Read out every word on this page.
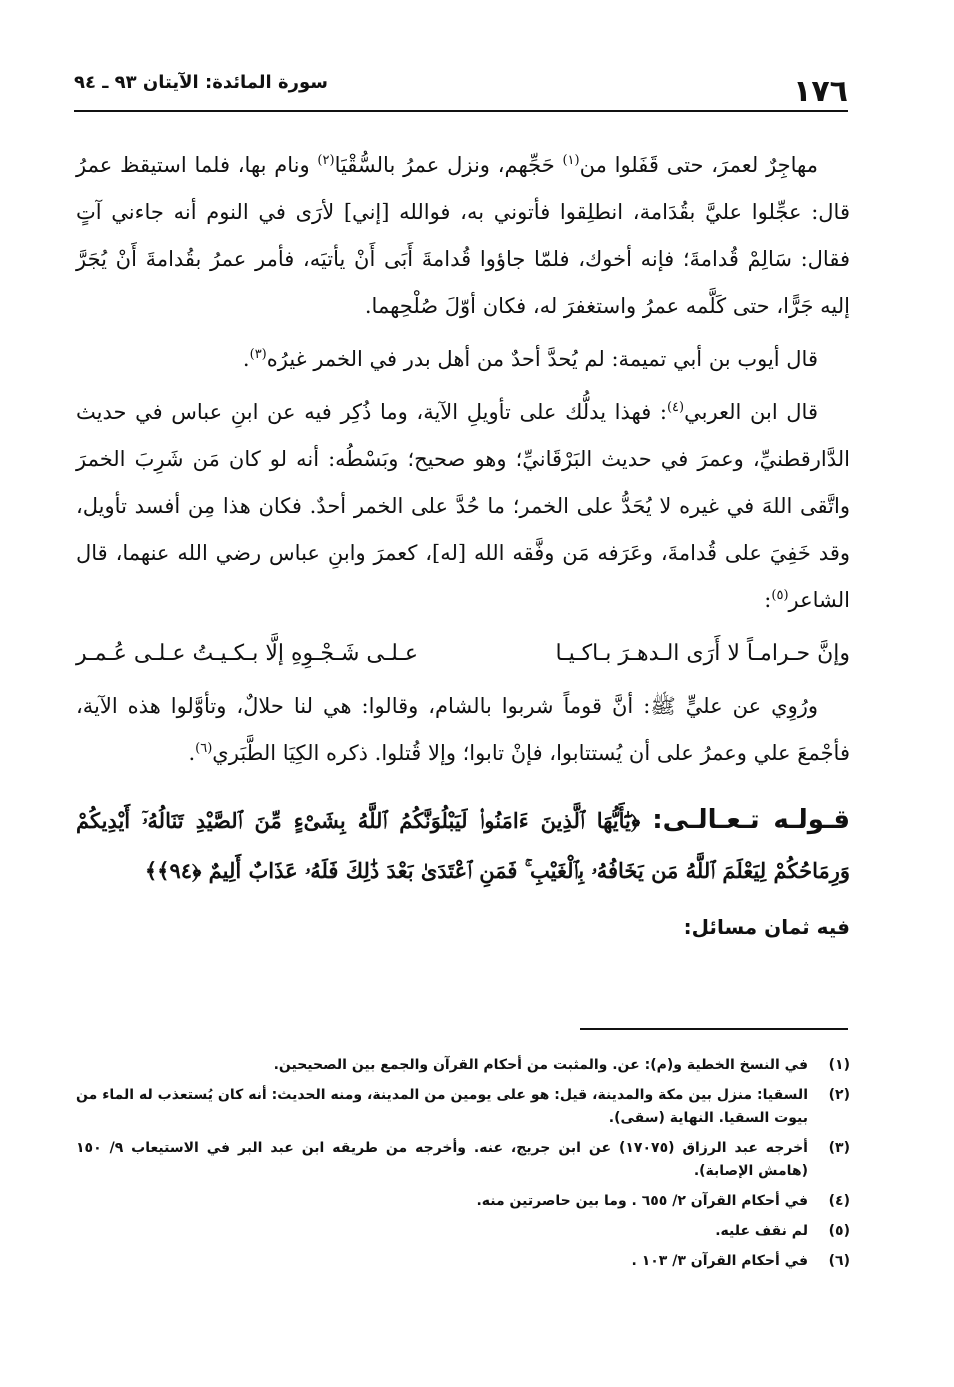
١٧٦
سورة المائدة: الآيتان ٩٣ ـ ٩٤

مهاجِرٌ لعمرَ، حتى قَفَلوا من$^{(١)}$ حَجِّهم، ونزل عمرُ بالسُّقْيَا$^{(٢)}$ ونام بها، فلما استيقظ عمرُ قال: عجِّلوا عليَّ بقُدَامة، انطلِقوا فأتوني به، فوالله [إني] لأرَى في النوم أنه جاءني آتٍ فقال: سَالِمْ قُدامةَ؛ فإنه أخوك، فلمّا جاؤوا قُدامةَ أَبَى أَنْ يأتيَه، فأمر عمرُ بقُدامةَ أَنْ يُجَرَّ إليه جَرًّا، حتى كَلَّمه عمرُ واستغفرَ له، فكان أوّلَ صُلْحِهما.

قال أيوب بن أبي تميمة: لم يُحدَّ أحدٌ من أهل بدر في الخمر غيرُه$^{(٣)}$.

قال ابن العربي$^{(٤)}$: فهذا يدلُّك على تأويلِ الآية، وما ذُكِر فيه عن ابنِ عباس في حديث الدَّارقطنيِّ، وعمرَ في حديث البَرْقَانيِّ؛ وهو صحيح؛ وبَسْطُه: أنه لو كان مَن شَرِبَ الخمرَ واتَّقى اللهَ في غيره لا يُحَدُّ على الخمر؛ ما حُدَّ على الخمر أحدٌ. فكان هذا مِن أفسد تأويل، وقد خَفِيَ على قُدامةَ، وعَرَفه مَن وفَّقه الله [له]، كعمرَ وابنِ عباس رضي الله عنهما، قال الشاعر$^{(٥)}$:

وإنَّ حـرامـاً لا أَرَى الـدهـرَ بـاكـيـا
عـلـى شَـجْـوِهِ إلَّا بـكـيـتُ عـلـى عُـمـر

ورُوِي عن عليٍّ ﷺ: أنَّ قوماً شربوا بالشام، وقالوا: هي لنا حلالٌ، وتأوَّلوا هذه الآية، فأجْمعَ علي وعمرُ على أن يُستتابوا، فإنْ تابوا؛ وإلا قُتلوا. ذكره الكِيَا الطَّبَري$^{(٦)}$.

قـولـه تـعـالـى: ﴿يَٰٓأَيُّهَا ٱلَّذِينَ ءَامَنُوا۟ لَيَبْلُوَنَّكُمُ ٱللَّهُ بِشَىْءٍ مِّنَ ٱلصَّيْدِ تَنَالُهُۥٓ أَيْدِيكُمْ وَرِمَاحُكُمْ لِيَعْلَمَ ٱللَّهُ مَن يَخَافُهُۥ بِٱلْغَيْبِ ۚ فَمَنِ ٱعْتَدَىٰ بَعْدَ ذَٰلِكَ فَلَهُۥ عَذَابٌ أَلِيمٌ ﴿٩٤﴾﴾
فيه ثمان مسائل:
(١)
في النسخ الخطية و(م): عن. والمثبت من أحكام القرآن والجمع بين الصحيحين.
(٢)
السقيا: منزل بين مكة والمدينة، قيل: هو على يومين من المدينة، ومنه الحديث: أنه كان يُستعذب له الماء من بيوت السقيا. النهاية (سقى).
(٣)
أخرجه عبد الرزاق (١٧٠٧٥) عن ابن جريج، عنه. وأخرجه من طريقه ابن عبد البر في الاستيعاب ٩/ ١٥٠ (هامش الإصابة).
(٤)
في أحكام القرآن ٢/ ٦٥٥ . وما بين حاصرتين منه.
(٥)
لم نقف عليه.
(٦)
في أحكام القرآن ٣/ ١٠٣ .
